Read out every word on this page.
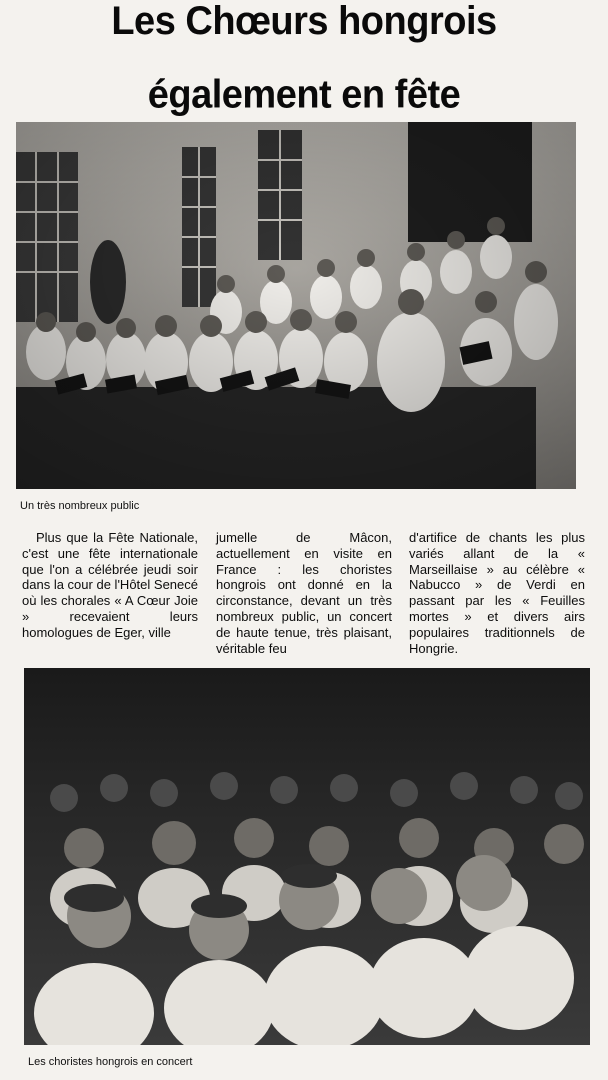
Les Chœurs hongrois
également en fête
Un très nombreux public

Plus que la Fête Nationale, c'est une fête internationale que l'on a célébrée jeudi soir dans la cour de l'Hôtel Senecé où les chorales « A Cœur Joie » recevaient leurs homologues de Eger, ville

jumelle de Mâcon, actuellement en visite en France : les choristes hongrois ont donné en la circonstance, devant un très nombreux public, un concert de haute tenue, très plaisant, véritable feu

d'artifice de chants les plus variés allant de la « Marseillaise » au célèbre « Nabucco » de Verdi en passant par les « Feuilles mortes » et divers airs populaires traditionnels de Hongrie.

Les choristes hongrois en concert
